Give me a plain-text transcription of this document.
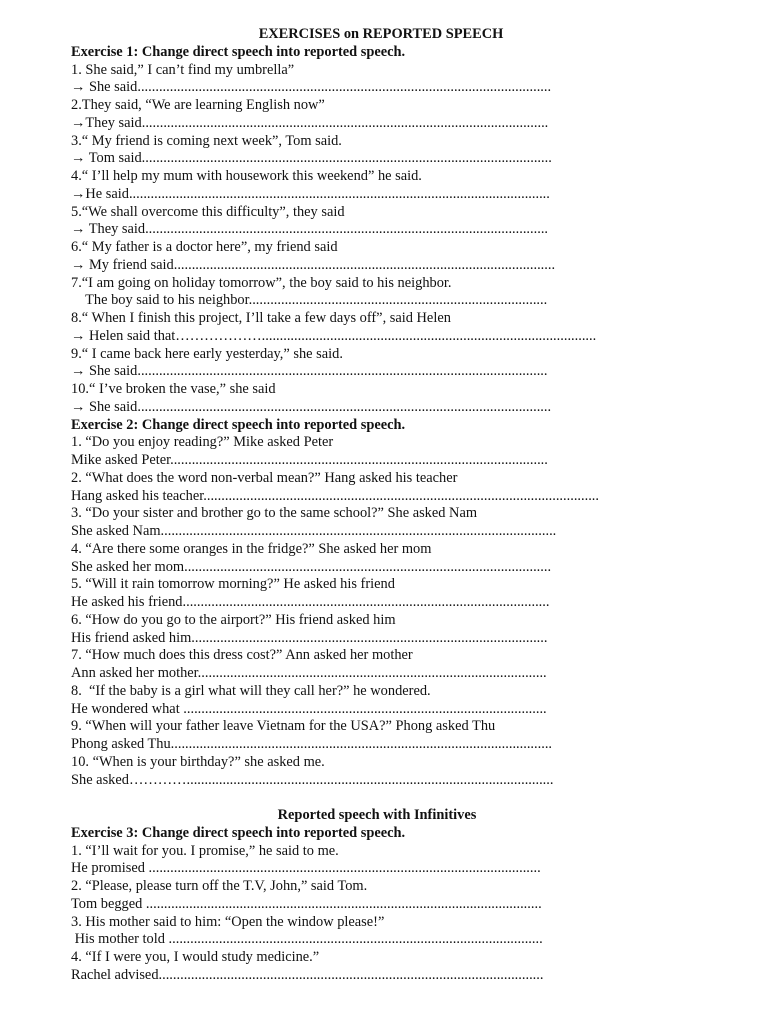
EXERCISES on REPORTED SPEECH
Exercise 1: Change direct speech into reported speech.
1. She said,” I can’t find my umbrella”
→ She said...................................................................................................................
2.They said, “We are learning English now”
→They said.................................................................................................................
3.“ My friend is coming next week”, Tom said.
→ Tom said..................................................................................................................
4.“ I’ll help my mum with housework this weekend” he said.
→He said.....................................................................................................................
5.“We shall overcome this difficulty”, they said
→ They said................................................................................................................
6.“ My father is a doctor here”, my friend said
→ My friend said..........................................................................................................
7.“I am going on holiday tomorrow”, the boy said to his neighbor.
The boy said to his neighbor...................................................................................
8.“ When I finish this project, I’ll take a few days off”, said Helen
→ Helen said that……………….............................................................................................
9.“ I came back here early yesterday,” she said.
→ She said..................................................................................................................
10.“ I’ve broken the vase,” she said
→ She said...................................................................................................................
Exercise 2: Change direct speech into reported speech.
1. “Do you enjoy reading?” Mike asked Peter
Mike asked Peter.........................................................................................................
2. “What does the word non-verbal mean?” Hang asked his teacher
Hang asked his teacher..............................................................................................................
3. “Do your sister and brother go to the same school?” She asked Nam
She asked Nam..............................................................................................................
4. “Are there some oranges in the fridge?” She asked her mom
She asked her mom......................................................................................................
5. “Will it rain tomorrow morning?” He asked his friend
He asked his friend......................................................................................................
6. “How do you go to the airport?” His friend asked him
His friend asked him...................................................................................................
7. “How much does this dress cost?” Ann asked her mother
Ann asked her mother.................................................................................................
8.  “If the baby is a girl what will they call her?” he wondered.
He wondered what .....................................................................................................
9. “When will your father leave Vietnam for the USA?” Phong asked Thu
Phong asked Thu..........................................................................................................
10. “When is your birthday?” she asked me.
She asked…………......................................................................................................
Reported speech with Infinitives
Exercise 3: Change direct speech into reported speech.
1. “I’ll wait for you. I promise,” he said to me.
He promised .............................................................................................................
2. “Please, please turn off the T.V, John,” said Tom.
Tom begged ..............................................................................................................
3. His mother said to him: “Open the window please!”
His mother told ........................................................................................................
4. “If I were you, I would study medicine.”
Rachel advised...........................................................................................................
